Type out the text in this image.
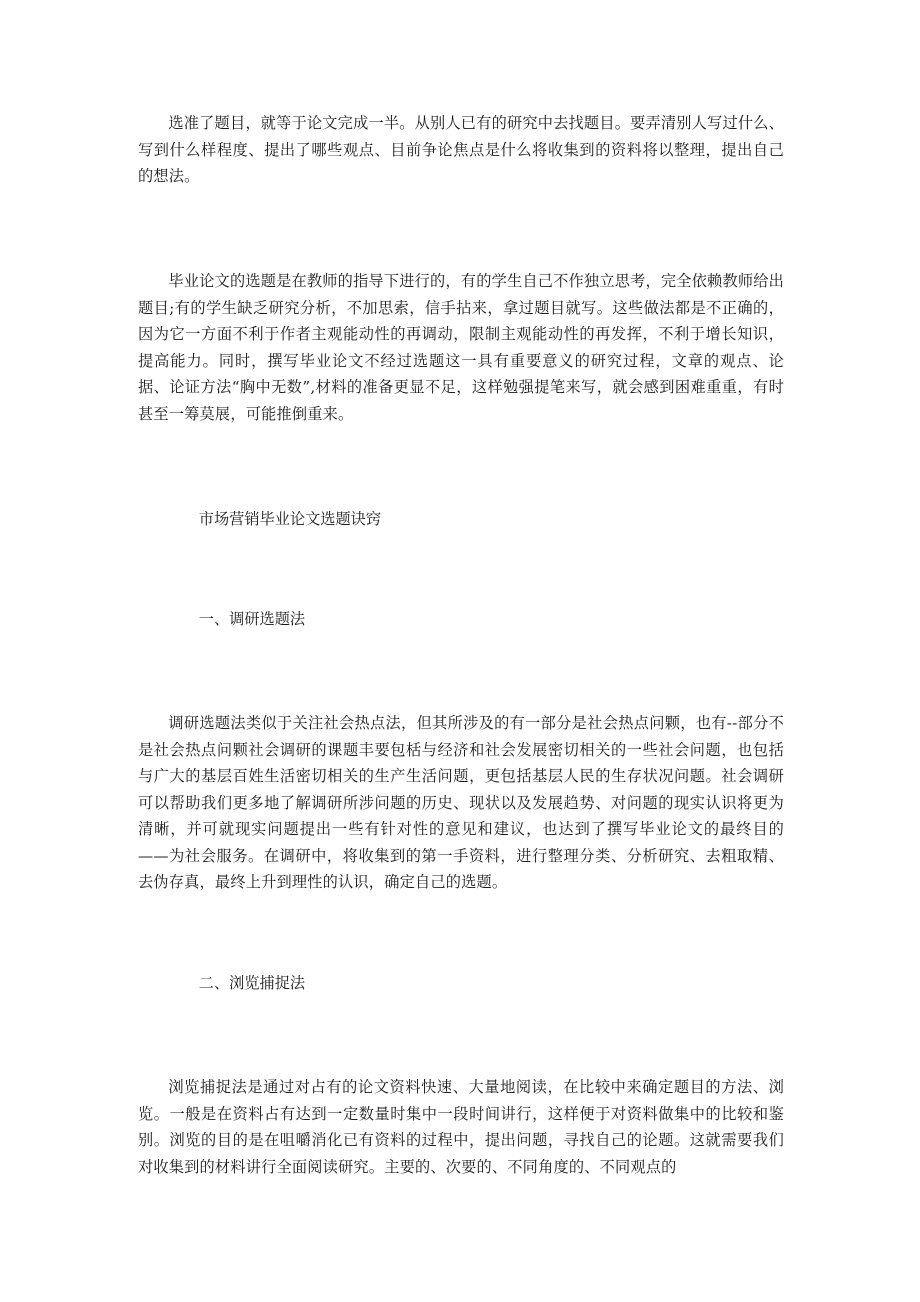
选准了题目，就等于论文完成一半。从别人已有的研究中去找题目。要弄清别人写过什么、写到什么样程度、提出了哪些观点、目前争论焦点是什么将收集到的资料将以整理，提出自己的想法。

毕业论文的选题是在教师的指导下进行的，有的学生自己不作独立思考，完全依赖教师给出题目;有的学生缺乏研究分析，不加思索，信手拈来，拿过题目就写。这些做法都是不正确的，因为它一方面不利于作者主观能动性的再调动，限制主观能动性的再发挥，不利于增长知识，提高能力。同时，撰写毕业论文不经过选题这一具有重要意义的研究过程，文章的观点、论据、论证方法“胸中无数”,材料的准备更显不足，这样勉强提笔来写，就会感到困难重重，有时甚至一筹莫展，可能推倒重来。

市场营销毕业论文选题诀窍

一、调研选题法

调研选题法类似于关注社会热点法，但其所涉及的有一部分是社会热点问颗，也有--部分不是社会热点问颗社会调研的课题丰要包栝与经济和社会发展密切相关的一些社会问题，也包括与广大的基层百姓生活密切相关的生产生活问题，更包括基层人民的生存状况问题。社会调研可以帮助我们更多地了解调研所涉问题的历史、现状以及发展趋势、对问题的现实认识将更为清晰，并可就现实问题提出一些有针对性的意见和建议，也达到了撰写毕业论文的最终目的——为社会服务。在调研中，将收集到的第一手资料，进行整理分类、分析研究、去粗取精、去伪存真，最终上升到理性的认识，确定自己的选题。

二、浏览捕捉法

浏览捕捉法是通过对占有的论文资料快速、大量地阅读，在比较中来确定题目的方法、浏览。一般是在资料占有达到一定数量时集中一段时间讲行，这样便于对资料做集中的比较和鉴别。浏览的目的是在咀嚼消化已有资料的过程中，提出问题，寻找自己的论题。这就需要我们对收集到的材料讲行全面阅读研究。主要的、次要的、不同角度的、不同观点的
